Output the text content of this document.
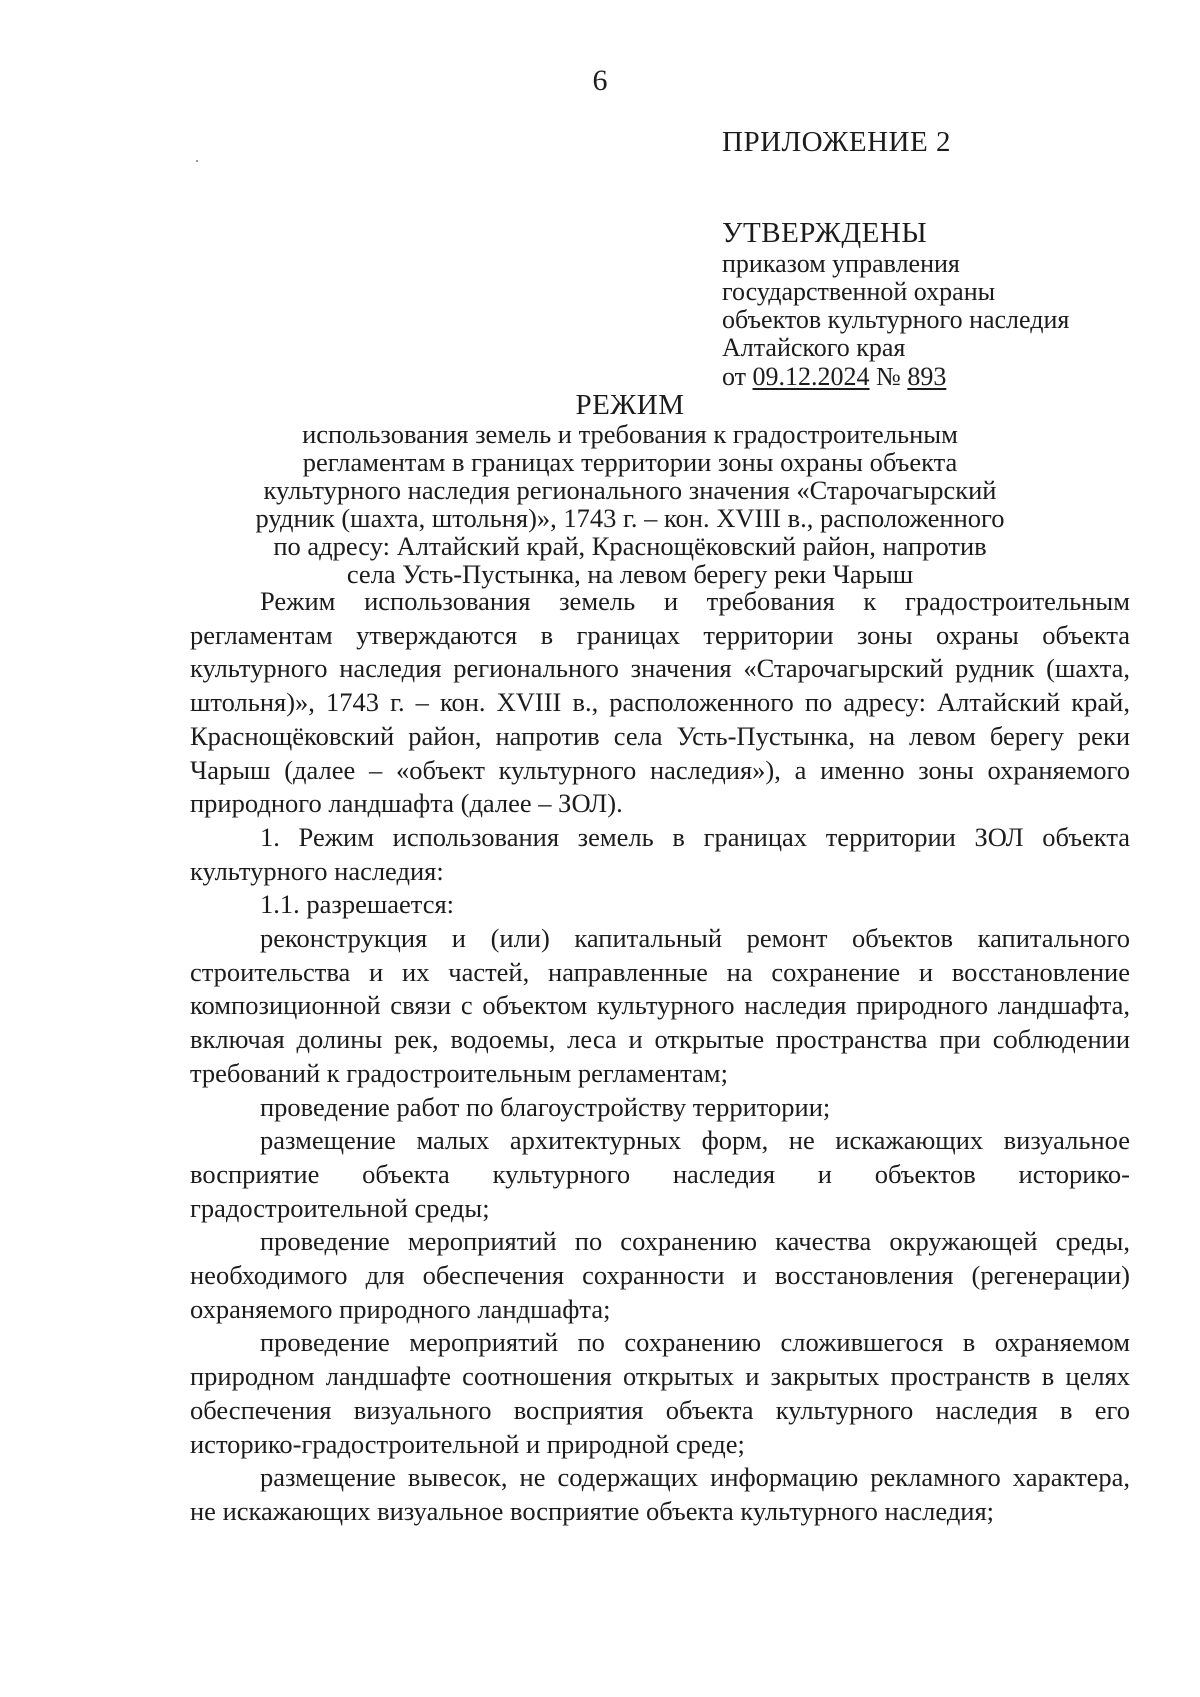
6
ПРИЛОЖЕНИЕ 2
УТВЕРЖДЕНЫ
приказом управления
государственной охраны
объектов культурного наследия
Алтайского края
от 09.12.2024 № 893
РЕЖИМ
использования земель и требования к градостроительным
регламентам в границах территории зоны охраны объекта
культурного наследия регионального значения «Старочагырский
рудник (шахта, штольня)», 1743 г. – кон. XVIII в., расположенного
по адресу: Алтайский край, Краснощёковский район, напротив
села Усть-Пустынка, на левом берегу реки Чарыш

Режим использования земель и требования к градостроительным регламентам утверждаются в границах территории зоны охраны объекта культурного наследия регионального значения «Старочагырский рудник (шахта, штольня)», 1743 г. – кон. XVIII в., расположенного по адресу: Алтайский край, Краснощёковский район, напротив села Усть-Пустынка, на левом берегу реки Чарыш (далее – «объект культурного наследия»), а именно зоны охраняемого природного ландшафта (далее – ЗОЛ).

1. Режим использования земель в границах территории ЗОЛ объекта культурного наследия:

1.1. разрешается:

реконструкция и (или) капитальный ремонт объектов капитального строительства и их частей, направленные на сохранение и восстановление композиционной связи с объектом культурного наследия природного ландшафта, включая долины рек, водоемы, леса и открытые пространства при соблюдении требований к градостроительным регламентам;

проведение работ по благоустройству территории;

размещение малых архитектурных форм, не искажающих визуальное восприятие объекта культурного наследия и объектов историко-градостроительной среды;

проведение мероприятий по сохранению качества окружающей среды, необходимого для обеспечения сохранности и восстановления (регенерации) охраняемого природного ландшафта;

проведение мероприятий по сохранению сложившегося в охраняемом природном ландшафте соотношения открытых и закрытых пространств в целях обеспечения визуального восприятия объекта культурного наследия в его историко-градостроительной и природной среде;

размещение вывесок, не содержащих информацию рекламного характера, не искажающих визуальное восприятие объекта культурного наследия;
